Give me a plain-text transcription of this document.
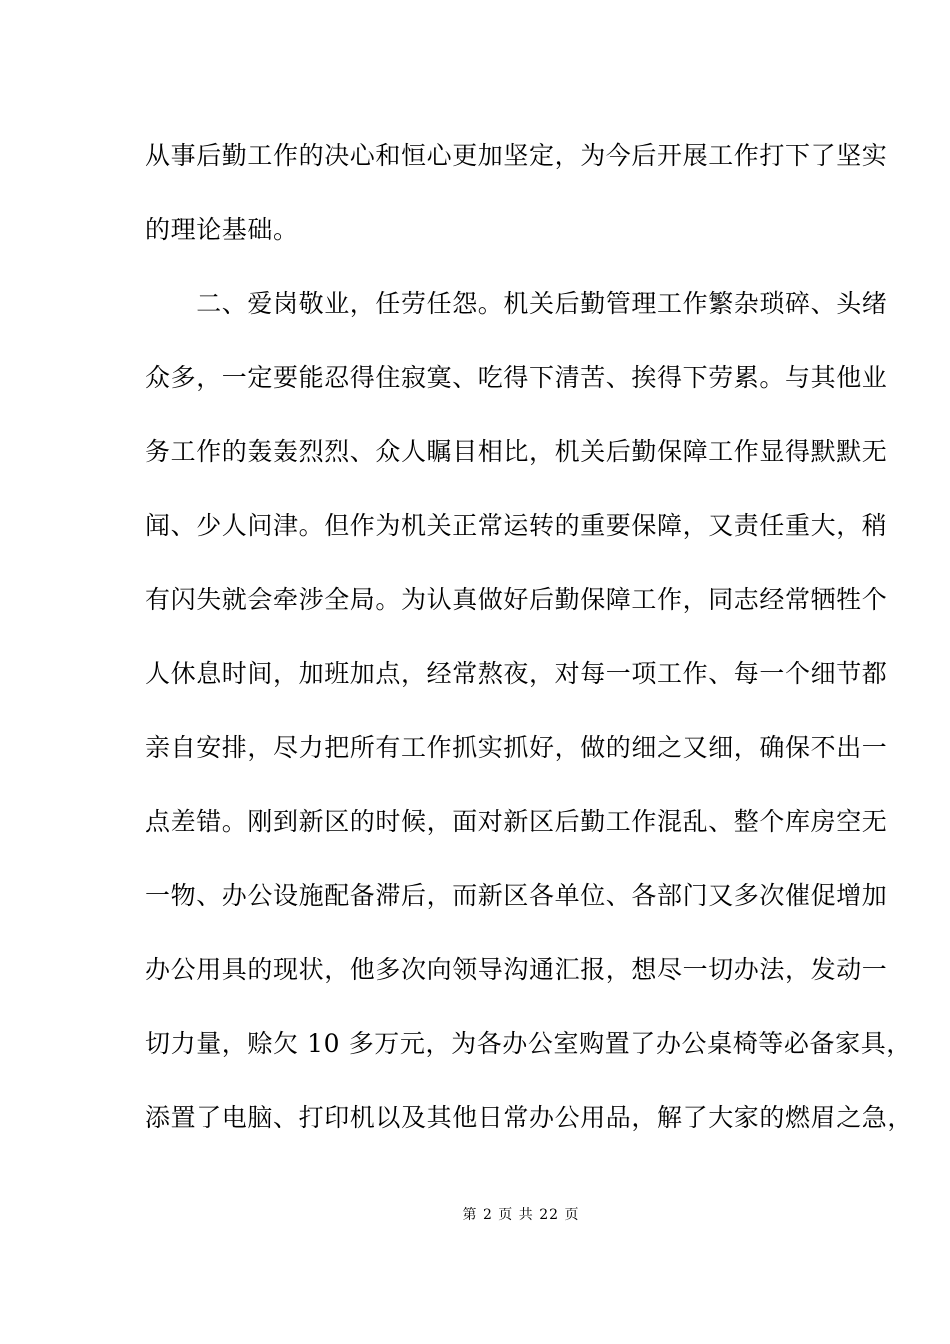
从事后勤工作的决心和恒心更加坚定，为今后开展工作打下了坚实
的理论基础。
　　二、爱岗敬业，任劳任怨。机关后勤管理工作繁杂琐碎、头绪
众多，一定要能忍得住寂寞、吃得下清苦、挨得下劳累。与其他业
务工作的轰轰烈烈、众人瞩目相比，机关后勤保障工作显得默默无
闻、少人问津。但作为机关正常运转的重要保障，又责任重大，稍
有闪失就会牵涉全局。为认真做好后勤保障工作，同志经常牺牲个
人休息时间，加班加点，经常熬夜，对每一项工作、每一个细节都
亲自安排，尽力把所有工作抓实抓好，做的细之又细，确保不出一
点差错。刚到新区的时候，面对新区后勤工作混乱、整个库房空无
一物、办公设施配备滞后，而新区各单位、各部门又多次催促增加
办公用具的现状，他多次向领导沟通汇报，想尽一切办法，发动一
切力量，赊欠 10 多万元，为各办公室购置了办公桌椅等必备家具，
添置了电脑、打印机以及其他日常办公用品，解了大家的燃眉之急，
第 2 页 共 22 页
